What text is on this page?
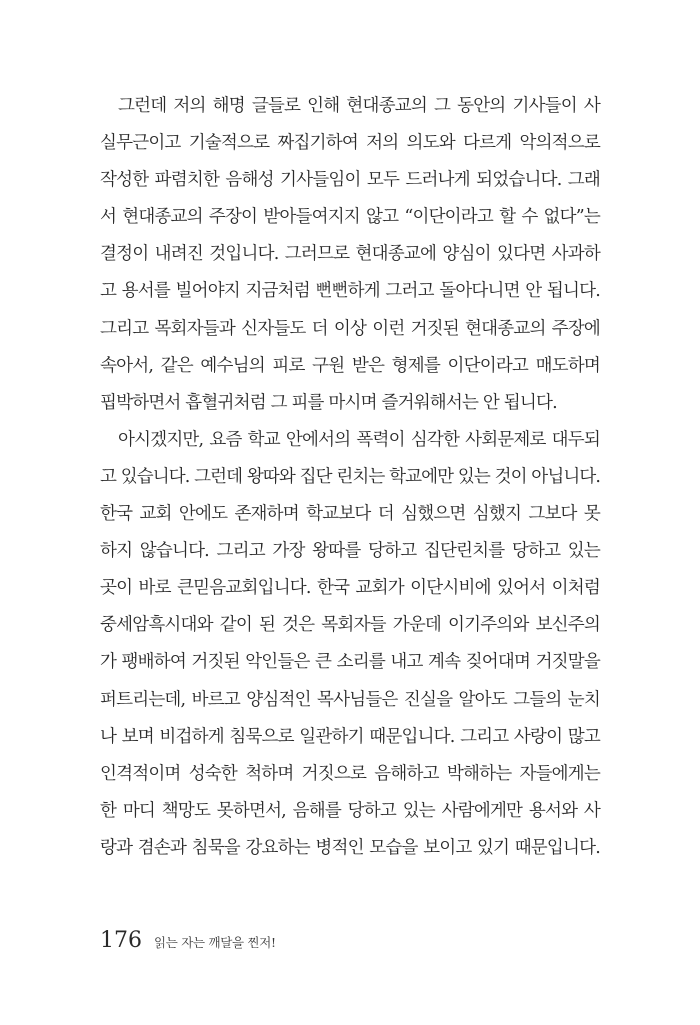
그런데 저의 해명 글들로 인해 현대종교의 그 동안의 기사들이 사
실무근이고 기술적으로 짜집기하여 저의 의도와 다르게 악의적으로
작성한 파렴치한 음해성 기사들임이 모두 드러나게 되었습니다. 그래
서 현대종교의 주장이 받아들여지지 않고 “이단이라고 할 수 없다”는
결정이 내려진 것입니다. 그러므로 현대종교에 양심이 있다면 사과하
고 용서를 빌어야지 지금처럼 뻔뻔하게 그러고 돌아다니면 안 됩니다.
그리고 목회자들과 신자들도 더 이상 이런 거짓된 현대종교의 주장에
속아서, 같은 예수님의 피로 구원 받은 형제를 이단이라고 매도하며
핍박하면서 흡혈귀처럼 그 피를 마시며 즐거워해서는 안 됩니다.
아시겠지만, 요즘 학교 안에서의 폭력이 심각한 사회문제로 대두되
고 있습니다. 그런데 왕따와 집단 린치는 학교에만 있는 것이 아닙니다.
한국 교회 안에도 존재하며 학교보다 더 심했으면 심했지 그보다 못
하지 않습니다. 그리고 가장 왕따를 당하고 집단린치를 당하고 있는
곳이 바로 큰믿음교회입니다. 한국 교회가 이단시비에 있어서 이처럼
중세암흑시대와 같이 된 것은 목회자들 가운데 이기주의와 보신주의
가 팽배하여 거짓된 악인들은 큰 소리를 내고 계속 짖어대며 거짓말을
퍼트리는데, 바르고 양심적인 목사님들은 진실을 알아도 그들의 눈치
나 보며 비겁하게 침묵으로 일관하기 때문입니다. 그리고 사랑이 많고
인격적이며 성숙한 척하며 거짓으로 음해하고 박해하는 자들에게는
한 마디 책망도 못하면서, 음해를 당하고 있는 사람에게만 용서와 사
랑과 겸손과 침묵을 강요하는 병적인 모습을 보이고 있기 때문입니다.
176 읽는 자는 깨달을 찐저!
